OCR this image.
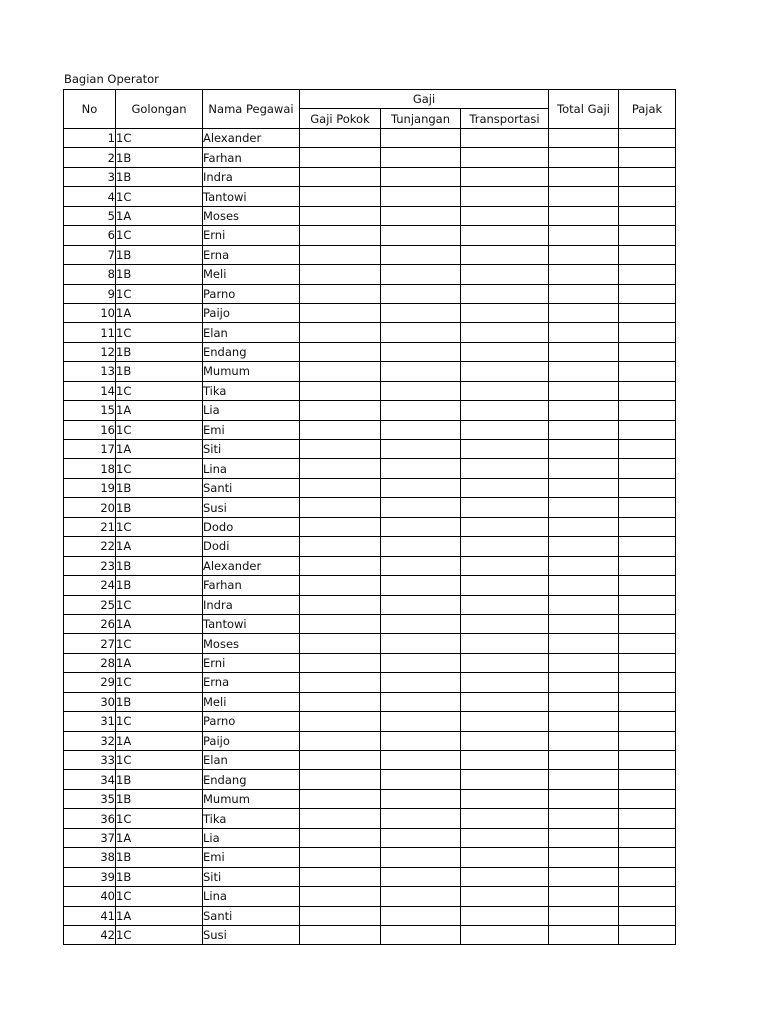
Bagian Operator
No	Golongan	Nama Pegawai	Gaji			Total Gaji	Pajak
			Gaji Pokok	Tunjangan	Transportasi		
1	1C	Alexander					
2	1B	Farhan					
3	1B	Indra					
4	1C	Tantowi					
5	1A	Moses					
6	1C	Erni					
7	1B	Erna					
8	1B	Meli					
9	1C	Parno					
10	1A	Paijo					
11	1C	Elan					
12	1B	Endang					
13	1B	Mumum					
14	1C	Tika					
15	1A	Lia					
16	1C	Emi					
17	1A	Siti					
18	1C	Lina					
19	1B	Santi					
20	1B	Susi					
21	1C	Dodo					
22	1A	Dodi					
23	1B	Alexander					
24	1B	Farhan					
25	1C	Indra					
26	1A	Tantowi					
27	1C	Moses					
28	1A	Erni					
29	1C	Erna					
30	1B	Meli					
31	1C	Parno					
32	1A	Paijo					
33	1C	Elan					
34	1B	Endang					
35	1B	Mumum					
36	1C	Tika					
37	1A	Lia					
38	1B	Emi					
39	1B	Siti					
40	1C	Lina					
41	1A	Santi					
42	1C	Susi					
